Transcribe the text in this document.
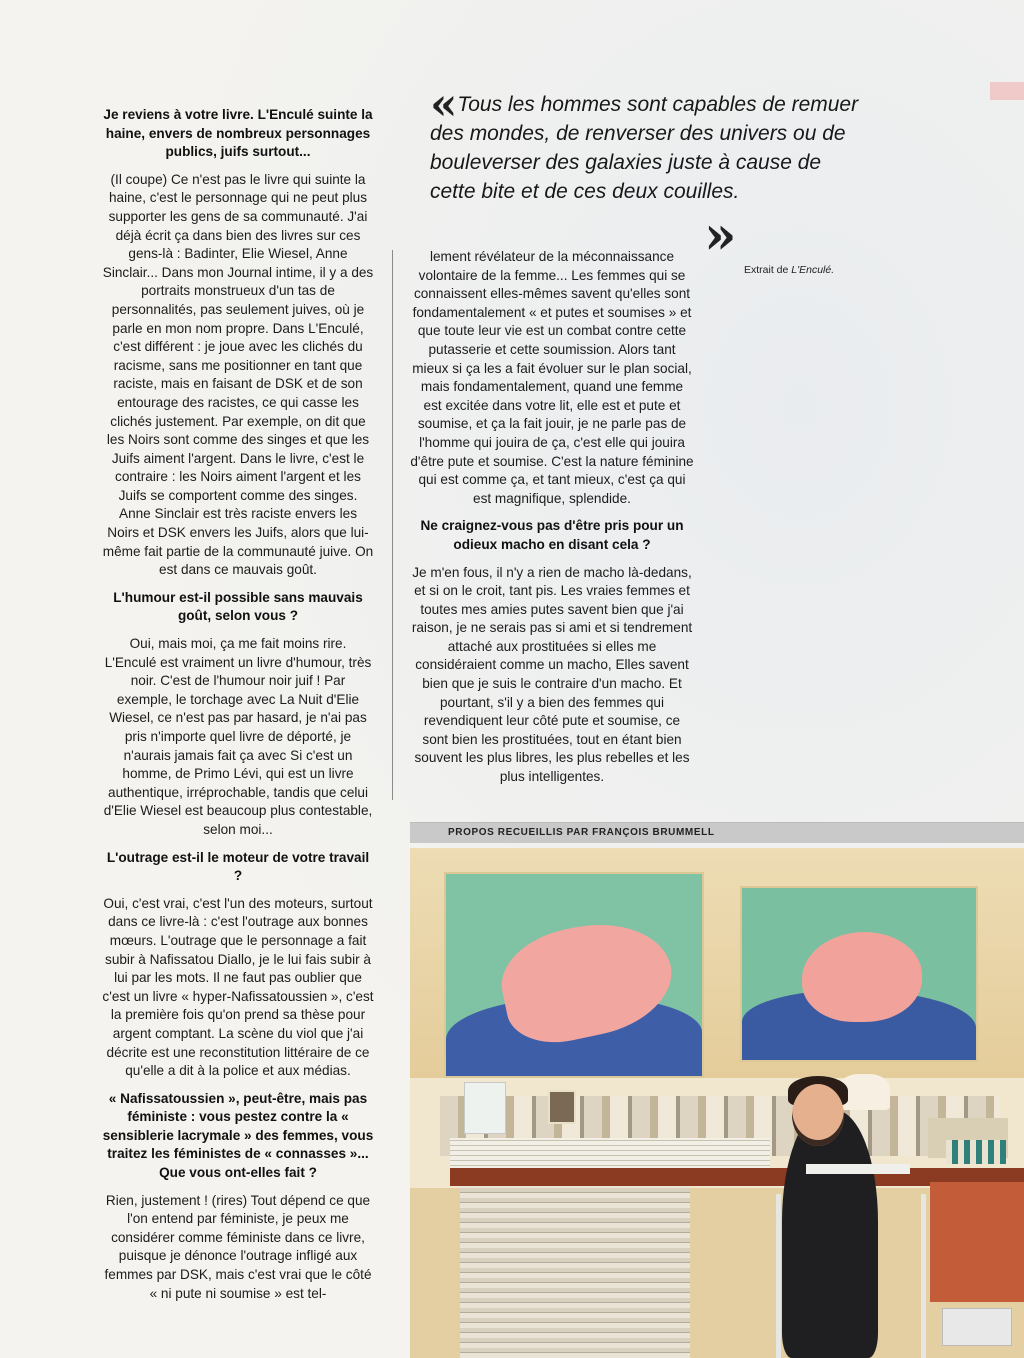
« Tous les hommes sont capables de remuer des mondes, de renverser des univers ou de bouleverser des galaxies juste à cause de cette bite et de ces deux couilles.
»
Extrait de L'Enculé.
Je reviens à votre livre. L'Enculé suinte la haine, envers de nombreux personnages publics, juifs surtout...

(Il coupe) Ce n'est pas le livre qui suinte la haine, c'est le personnage qui ne peut plus supporter les gens de sa communauté. J'ai déjà écrit ça dans bien des livres sur ces gens-là : Badinter, Elie Wiesel, Anne Sinclair... Dans mon Journal intime, il y a des portraits monstrueux d'un tas de personnalités, pas seulement juives, où je parle en mon nom propre. Dans L'Enculé, c'est différent : je joue avec les clichés du racisme, sans me positionner en tant que raciste, mais en faisant de DSK et de son entourage des racistes, ce qui casse les clichés justement. Par exemple, on dit que les Noirs sont comme des singes et que les Juifs aiment l'argent. Dans le livre, c'est le contraire : les Noirs aiment l'argent et les Juifs se comportent comme des singes. Anne Sinclair est très raciste envers les Noirs et DSK envers les Juifs, alors que lui-même fait partie de la communauté juive. On est dans ce mauvais goût.

L'humour est-il possible sans mauvais goût, selon vous ?

Oui, mais moi, ça me fait moins rire. L'Enculé est vraiment un livre d'humour, très noir. C'est de l'humour noir juif ! Par exemple, le torchage avec La Nuit d'Elie Wiesel, ce n'est pas par hasard, je n'ai pas pris n'importe quel livre de déporté, je n'aurais jamais fait ça avec Si c'est un homme, de Primo Lévi, qui est un livre authentique, irréprochable, tandis que celui d'Elie Wiesel est beaucoup plus contestable, selon moi...

L'outrage est-il le moteur de votre travail ?

Oui, c'est vrai, c'est l'un des moteurs, surtout dans ce livre-là : c'est l'outrage aux bonnes mœurs. L'outrage que le personnage a fait subir à Nafissatou Diallo, je le lui fais subir à lui par les mots. Il ne faut pas oublier que c'est un livre « hyper-Nafissatoussien », c'est la première fois qu'on prend sa thèse pour argent comptant. La scène du viol que j'ai décrite est une reconstitution littéraire de ce qu'elle a dit à la police et aux médias.

« Nafissatoussien », peut-être, mais pas féministe : vous pestez contre la « sensiblerie lacrymale » des femmes, vous traitez les féministes de « connasses »... Que vous ont-elles fait ?

Rien, justement ! (rires) Tout dépend ce que l'on entend par féministe, je peux me considérer comme féministe dans ce livre, puisque je dénonce l'outrage infligé aux femmes par DSK, mais c'est vrai que le côté « ni pute ni soumise » est tel-

lement révélateur de la méconnaissance volontaire de la femme... Les femmes qui se connaissent elles-mêmes savent qu'elles sont fondamentalement « et putes et soumises » et que toute leur vie est un combat contre cette putasserie et cette soumission. Alors tant mieux si ça les a fait évoluer sur le plan social, mais fondamentalement, quand une femme est excitée dans votre lit, elle est et pute et soumise, et ça la fait jouir, je ne parle pas de l'homme qui jouira de ça, c'est elle qui jouira d'être pute et soumise. C'est la nature féminine qui est comme ça, et tant mieux, c'est ça qui est magnifique, splendide.

Ne craignez-vous pas d'être pris pour un odieux macho en disant cela ?

Je m'en fous, il n'y a rien de macho là-dedans, et si on le croit, tant pis. Les vraies femmes et toutes mes amies putes savent bien que j'ai raison, je ne serais pas si ami et si tendrement attaché aux prostituées si elles me considéraient comme un macho, Elles savent bien que je suis le contraire d'un macho. Et pourtant, s'il y a bien des femmes qui revendiquent leur côté pute et soumise, ce sont bien les prostituées, tout en étant bien souvent les plus libres, les plus rebelles et les plus intelligentes.

PROPOS RECUEILLIS PAR FRANÇOIS BRUMMELL
